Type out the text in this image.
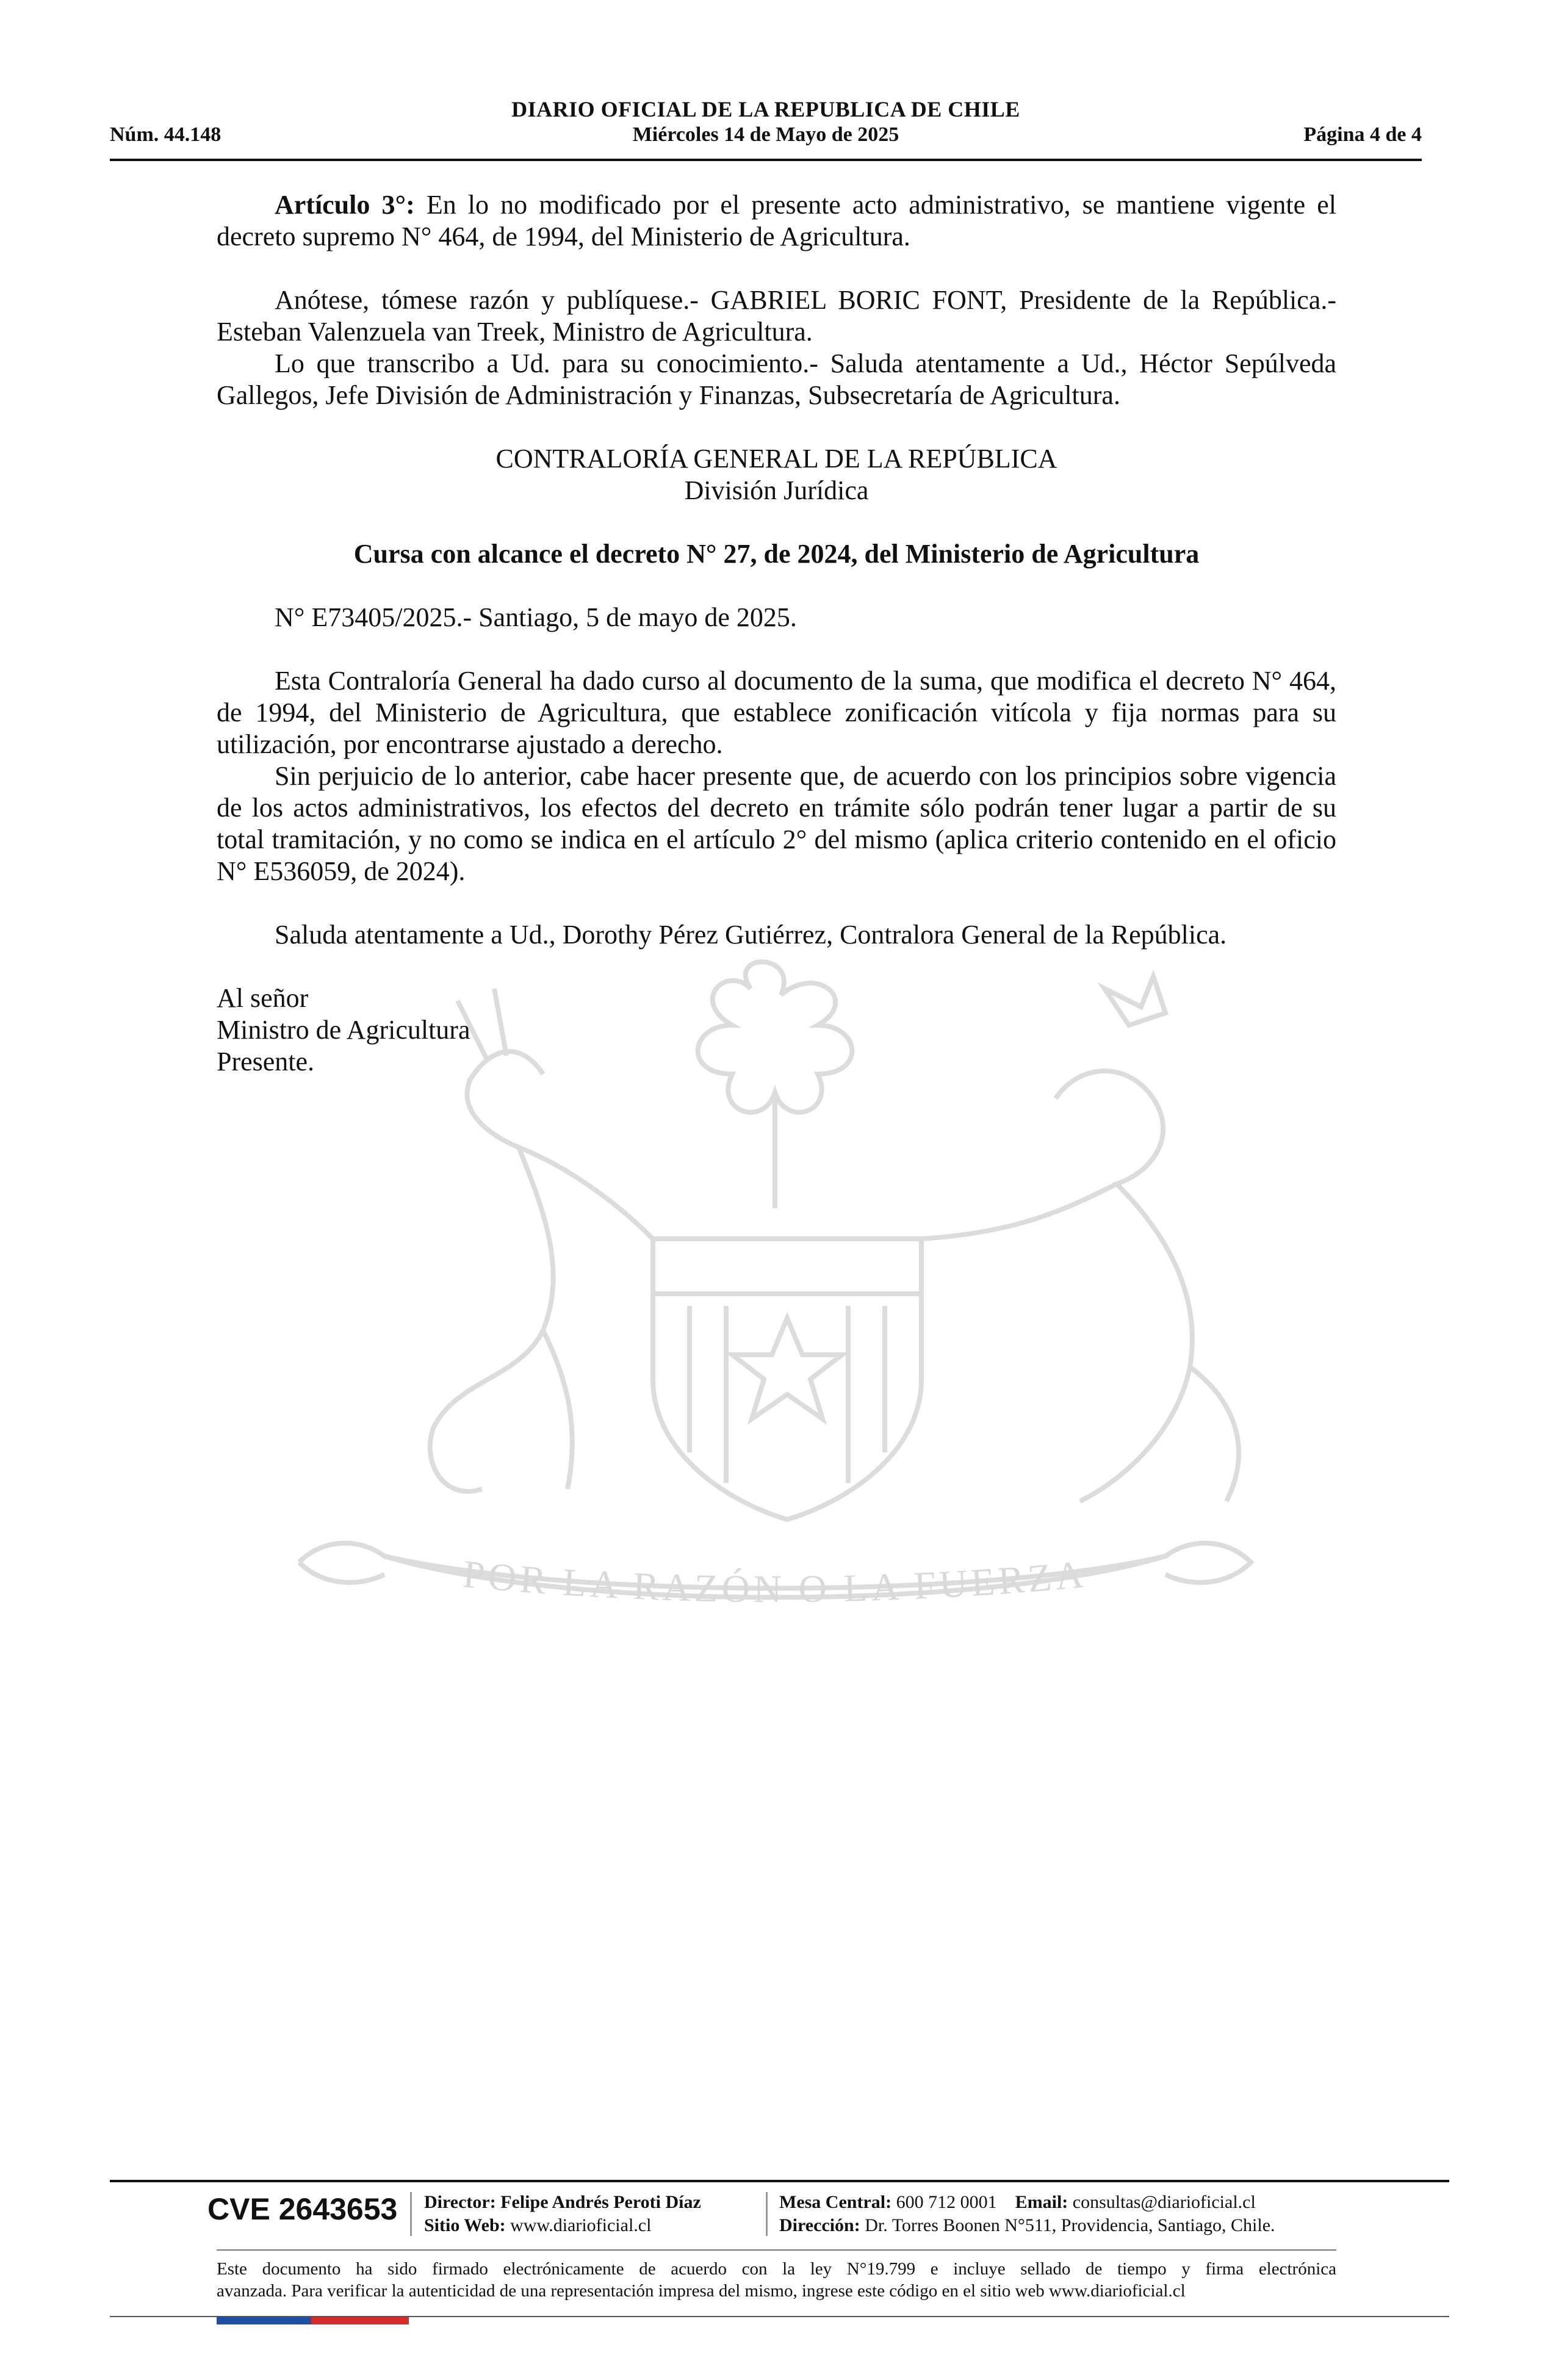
DIARIO OFICIAL DE LA REPUBLICA DE CHILE
Núm. 44.148	Miércoles 14 de Mayo de 2025	Página 4 de 4
POR LA RAZÓN O LA FUERZA

Artículo 3°: En lo no modificado por el presente acto administrativo, se mantiene vigente el decreto supremo N° 464, de 1994, del Ministerio de Agricultura.

Anótese, tómese razón y publíquese.- GABRIEL BORIC FONT, Presidente de la República.- Esteban Valenzuela van Treek, Ministro de Agricultura.

Lo que transcribo a Ud. para su conocimiento.- Saluda atentamente a Ud., Héctor Sepúlveda Gallegos, Jefe División de Administración y Finanzas, Subsecretaría de Agricultura.

CONTRALORÍA GENERAL DE LA REPÚBLICA

División Jurídica

Cursa con alcance el decreto N° 27, de 2024, del Ministerio de Agricultura

N° E73405/2025.- Santiago, 5 de mayo de 2025.

Esta Contraloría General ha dado curso al documento de la suma, que modifica el decreto N° 464, de 1994, del Ministerio de Agricultura, que establece zonificación vitícola y fija normas para su utilización, por encontrarse ajustado a derecho.

Sin perjuicio de lo anterior, cabe hacer presente que, de acuerdo con los principios sobre vigencia de los actos administrativos, los efectos del decreto en trámite sólo podrán tener lugar a partir de su total tramitación, y no como se indica en el artículo 2° del mismo (aplica criterio contenido en el oficio N° E536059, de 2024).

Saluda atentamente a Ud., Dorothy Pérez Gutiérrez, Contralora General de la República.

Al señor

Ministro de Agricultura

Presente.

CVE 2643653 Director: Felipe Andrés Peroti Díaz
Sitio Web: www.diarioficial.cl
Mesa Central: 600 712 0001 Email: consultas@diarioficial.cl
Dirección: Dr. Torres Boonen N°511, Providencia, Santiago, Chile.
Este documento ha sido firmado electrónicamente de acuerdo con la ley N°19.799 e incluye sellado de tiempo y firma electrónica
avanzada. Para verificar la autenticidad de una representación impresa del mismo, ingrese este código en el sitio web www.diarioficial.cl
